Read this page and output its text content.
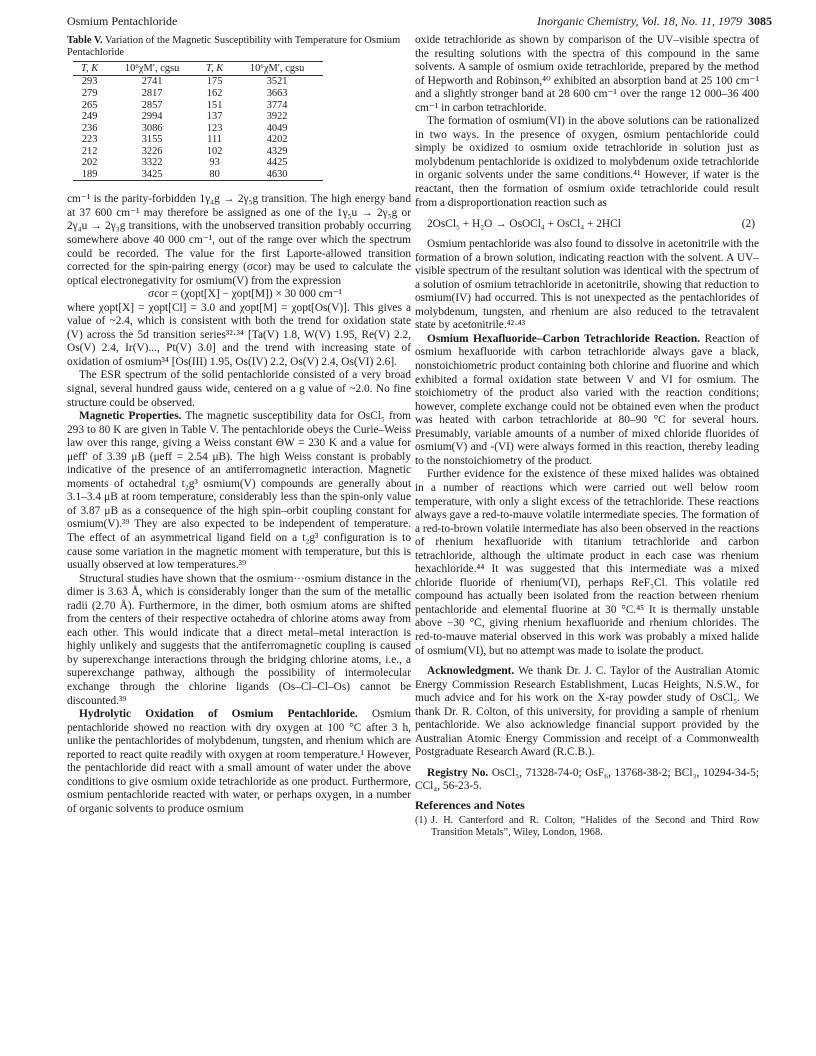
Osmium Pentachloride	Inorganic Chemistry, Vol. 18, No. 11, 1979 3085
Table V. Variation of the Magnetic Susceptibility with Temperature for Osmium Pentachloride
T, K	10⁶χM′, cgsu	T, K	10⁶χM′, cgsu
293	2741	175	3521
279	2817	162	3663
265	2857	151	3774
249	2994	137	3922
236	3086	123	4049
223	3155	111	4202
212	3226	102	4329
202	3322	93	4425
189	3425	80	4630

cm⁻¹ is the parity-forbidden 1γ₄g → 2γ₅g transition. The high energy band at 37 600 cm⁻¹ may therefore be assigned as one of the 1γ₅u → 2γ₅g or 2γ₄u → 2γ₃g transitions, with the unobserved transition probably occurring somewhere above 40 000 cm⁻¹, out of the range over which the spectrum could be recorded. The value for the first Laporte-allowed transition corrected for the spin-pairing energy (σcor) may be used to calculate the optical electronegativity for osmium(V) from the expression

σcor = (χopt[X] − χopt[M]) × 30 000 cm⁻¹

where χopt[X] = χopt[Cl] = 3.0 and χopt[M] = χopt[Os(V)]. This gives a value of ~2.4, which is consistent with both the trend for oxidation state (V) across the 5d transition series³²·³⁴ [Ta(V) 1.8, W(V) 1.95, Re(V) 2.2, Os(V) 2.4, Ir(V)..., Pt(V) 3.0] and the trend with increasing state of oxidation of osmium³⁴ [Os(III) 1.95, Os(IV) 2.2, Os(V) 2.4, Os(VI) 2.6].

The ESR spectrum of the solid pentachloride consisted of a very broad signal, several hundred gauss wide, centered on a g value of ~2.0. No fine structure could be observed.

Magnetic Properties. The magnetic susceptibility data for OsCl₅ from 293 to 80 K are given in Table V. The pentachloride obeys the Curie–Weiss law over this range, giving a Weiss constant ΘW = 230 K and a value for μeff′ of 3.39 μB (μeff = 2.54 μB). The high Weiss constant is probably indicative of the presence of an antiferromagnetic interaction. Magnetic moments of octahedral t₂g³ osmium(V) compounds are generally about 3.1–3.4 μB at room temperature, considerably less than the spin-only value of 3.87 μB as a consequence of the high spin–orbit coupling constant for osmium(V).³⁹ They are also expected to be independent of temperature. The effect of an asymmetrical ligand field on a t₂g³ configuration is to cause some variation in the magnetic moment with temperature, but this is usually observed at low temperatures.³⁹

Structural studies have shown that the osmium···osmium distance in the dimer is 3.63 Å, which is considerably longer than the sum of the metallic radii (2.70 Å). Furthermore, in the dimer, both osmium atoms are shifted from the centers of their respective octahedra of chlorine atoms away from each other. This would indicate that a direct metal–metal interaction is highly unlikely and suggests that the antiferromagnetic coupling is caused by superexchange interactions through the bridging chlorine atoms, i.e., a superexchange pathway, although the possibility of intermolecular exchange through the chlorine ligands (Os–Cl–Cl–Os) cannot be discounted.³⁹

Hydrolytic Oxidation of Osmium Pentachloride. Osmium pentachloride showed no reaction with dry oxygen at 100 °C after 3 h, unlike the pentachlorides of molybdenum, tungsten, and rhenium which are reported to react quite readily with oxygen at room temperature.¹ However, the pentachloride did react with a small amount of water under the above conditions to give osmium oxide tetrachloride as one product. Furthermore, osmium pentachloride reacted with water, or perhaps oxygen, in a number of organic solvents to produce osmium

oxide tetrachloride as shown by comparison of the UV–visible spectra of the resulting solutions with the spectra of this compound in the same solvents. A sample of osmium oxide tetrachloride, prepared by the method of Hepworth and Robinson,⁴⁰ exhibited an absorption band at 25 100 cm⁻¹ and a slightly stronger band at 28 600 cm⁻¹ over the range 12 000–36 400 cm⁻¹ in carbon tetrachloride.

The formation of osmium(VI) in the above solutions can be rationalized in two ways. In the presence of oxygen, osmium pentachloride could simply be oxidized to osmium oxide tetrachloride in solution just as molybdenum pentachloride is oxidized to molybdenum oxide tetrachloride in organic solvents under the same conditions.⁴¹ However, if water is the reactant, then the formation of osmium oxide tetrachloride could result from a disproportionation reaction such as

2OsCl₅ + H₂O → OsOCl₄ + OsCl₄ + 2HCl	(2)

Osmium pentachloride was also found to dissolve in acetonitrile with the formation of a brown solution, indicating reaction with the solvent. A UV–visible spectrum of the resultant solution was identical with the spectrum of a solution of osmium tetrachloride in acetonitrile, showing that reduction to osmium(IV) had occurred. This is not unexpected as the pentachlorides of molybdenum, tungsten, and rhenium are also reduced to the tetravalent state by acetonitrile.⁴²·⁴³

Osmium Hexafluoride–Carbon Tetrachloride Reaction. Reaction of osmium hexafluoride with carbon tetrachloride always gave a black, nonstoichiometric product containing both chlorine and fluorine and which exhibited a formal oxidation state between V and VI for osmium. The stoichiometry of the product also varied with the reaction conditions; however, complete exchange could not be obtained even when the product was heated with carbon tetrachloride at 80–90 °C for several hours. Presumably, variable amounts of a number of mixed chloride fluorides of osmium(V) and -(VI) were always formed in this reaction, thereby leading to the nonstoichiometry of the product.

Further evidence for the existence of these mixed halides was obtained in a number of reactions which were carried out well below room temperature, with only a slight excess of the tetrachloride. These reactions always gave a red-to-mauve volatile intermediate species. The formation of a red-to-brown volatile intermediate has also been observed in the reactions of rhenium hexafluoride with titanium tetrachloride and carbon tetrachloride, although the ultimate product in each case was rhenium hexachloride.⁴⁴ It was suggested that this intermediate was a mixed chloride fluoride of rhenium(VI), perhaps ReF₅Cl. This volatile red compound has actually been isolated from the reaction between rhenium pentachloride and elemental fluorine at 30 °C.⁴⁵ It is thermally unstable above −30 °C, giving rhenium hexafluoride and rhenium chlorides. The red-to-mauve material observed in this work was probably a mixed halide of osmium(VI), but no attempt was made to isolate the product.

Acknowledgment. We thank Dr. J. C. Taylor of the Australian Atomic Energy Commission Research Establishment, Lucas Heights, N.S.W., for much advice and for his work on the X-ray powder study of OsCl₅. We thank Dr. R. Colton, of this university, for providing a sample of rhenium pentachloride. We also acknowledge financial support provided by the Australian Atomic Energy Commission and receipt of a Commonwealth Postgraduate Research Award (R.C.B.).

Registry No. OsCl₅, 71328-74-0; OsF₆, 13768-38-2; BCl₃, 10294-34-5; CCl₄, 56-23-5.

References and Notes
(1) J. H. Canterford and R. Colton, “Halides of the Second and Third Row Transition Metals”, Wiley, London, 1968.
